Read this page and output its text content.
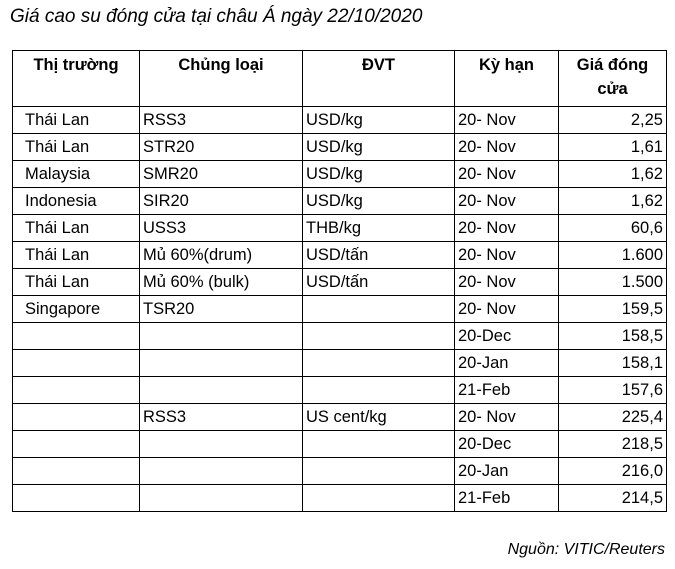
Giá cao su đóng cửa tại châu Á ngày 22/10/2020
Thị trường	Chủng loại	ĐVT	Kỳ hạn	Giá đóng
cửa

Thái Lan	RSS3	USD/kg	20- Nov	2,25
Thái Lan	STR20	USD/kg	20- Nov	1,61
Malaysia	SMR20	USD/kg	20- Nov	1,62
Indonesia	SIR20	USD/kg	20- Nov	1,62
Thái Lan	USS3	THB/kg	20- Nov	60,6
Thái Lan	Mủ 60%(drum)	USD/tấn	20- Nov	1.600
Thái Lan	Mủ 60% (bulk)	USD/tấn	20- Nov	1.500
Singapore	TSR20		20- Nov	159,5
			20-Dec	158,5
			20-Jan	158,1
			21-Feb	157,6
	RSS3	US cent/kg	20- Nov	225,4
			20-Dec	218,5
			20-Jan	216,0
			21-Feb	214,5
Nguồn: VITIC/Reuters
